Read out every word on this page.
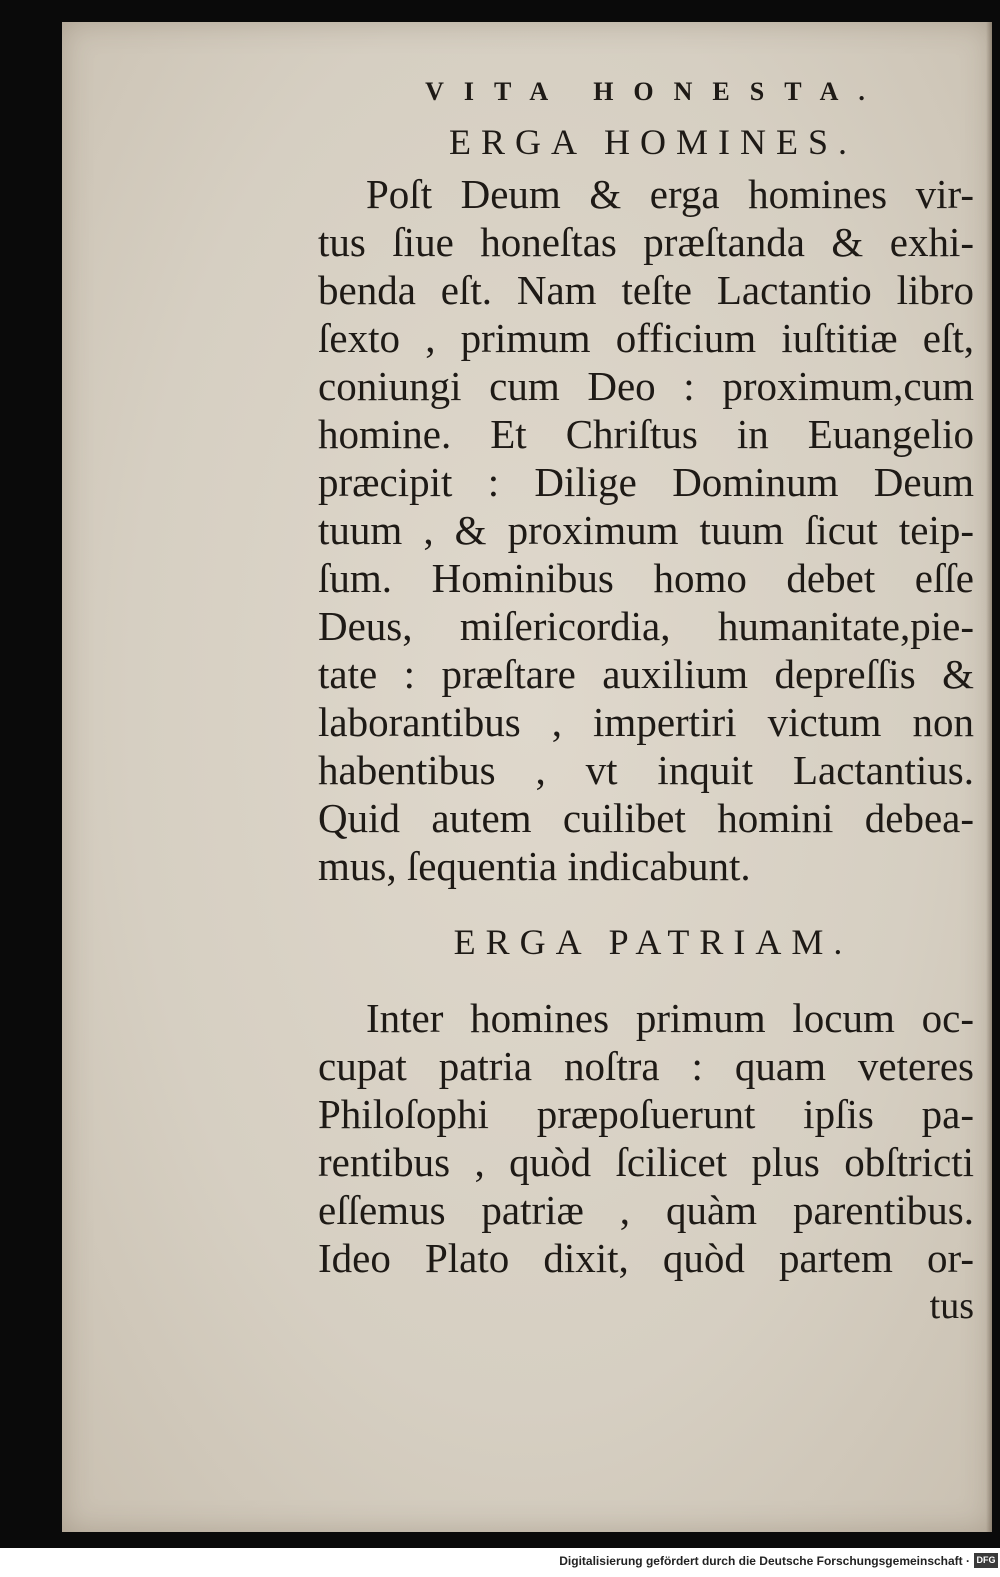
VITA HONESTA.
ERGA HOMINES.
Poſt Deum & erga homines vir-
tus ſiue honeſtas præſtanda & exhi-
benda eſt. Nam teſte Lactantio libro
ſexto , primum officium iuſtitiæ eſt,
coniungi cum Deo : proximum,cum
homine. Et Chriſtus in Euangelio
præcipit : Dilige Dominum Deum
tuum , & proximum tuum ſicut teip-
ſum. Hominibus homo debet eſſe
Deus, miſericordia, humanitate,pie-
tate : præſtare auxilium depreſſis &
laborantibus , impertiri victum non
habentibus , vt inquit Lactantius.
Quid autem cuilibet homini debea-
mus, ſequentia indicabunt.
ERGA PATRIAM.
Inter homines primum locum oc-
cupat patria noſtra : quam veteres
Philoſophi præpoſuerunt ipſis pa-
rentibus , quòd ſcilicet plus obſtricti
eſſemus patriæ , quàm parentibus.
Ideo Plato dixit, quòd partem or-
tus
Digitalisierung gefördert durch die Deutsche Forschungsgemeinschaft · DFG
